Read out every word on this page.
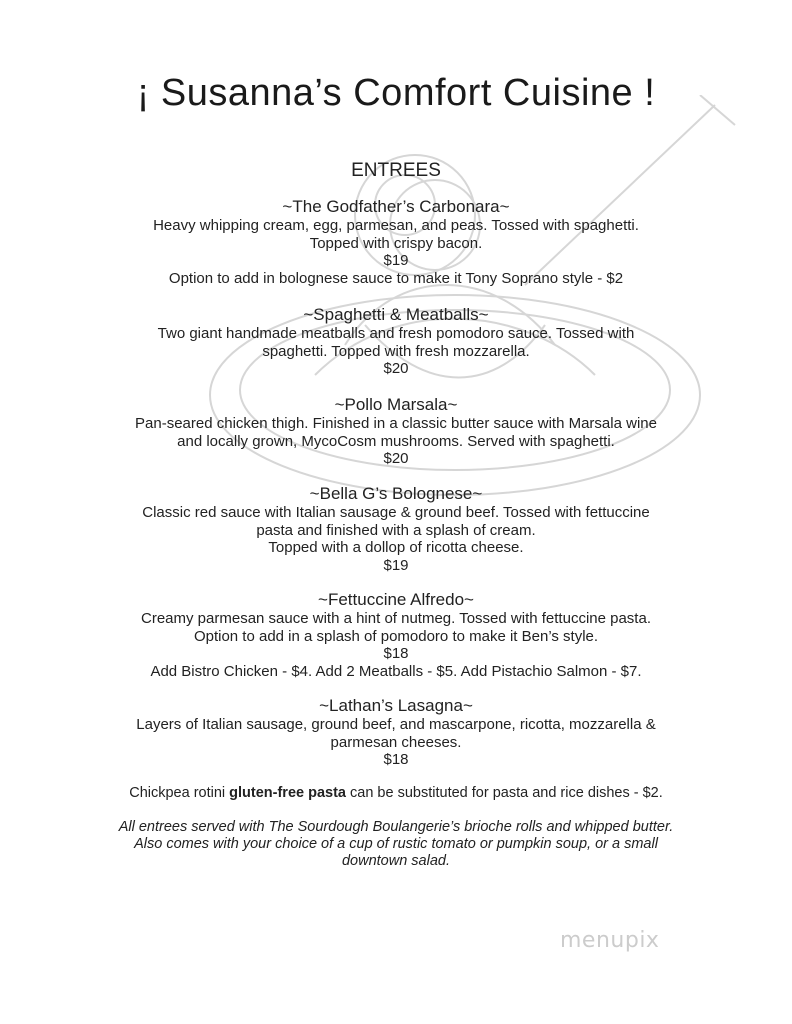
¡ Susanna’s Comfort Cuisine !
ENTREES
~The Godfather’s Carbonara~
Heavy whipping cream, egg, parmesan, and peas. Tossed with spaghetti.
Topped with crispy bacon.
$19
Option to add in bolognese sauce to make it Tony Soprano style - $2
~Spaghetti & Meatballs~
Two giant handmade meatballs and fresh pomodoro sauce. Tossed with
spaghetti. Topped with fresh mozzarella.
$20
~Pollo Marsala~
Pan-seared chicken thigh. Finished in a classic butter sauce with Marsala wine
and locally grown, MycoCosm mushrooms. Served with spaghetti.
$20
~Bella G’s Bolognese~
Classic red sauce with Italian sausage & ground beef. Tossed with fettuccine
pasta and finished with a splash of cream.
Topped with a dollop of ricotta cheese.
$19
~Fettuccine Alfredo~
Creamy parmesan sauce with a hint of nutmeg. Tossed with fettuccine pasta.
Option to add in a splash of pomodoro to make it Ben’s style.
$18
Add Bistro Chicken - $4. Add 2 Meatballs - $5. Add Pistachio Salmon - $7.
~Lathan’s Lasagna~
Layers of Italian sausage, ground beef, and mascarpone, ricotta, mozzarella &
parmesan cheeses.
$18
Chickpea rotini gluten-free pasta can be substituted for pasta and rice dishes - $2.
All entrees served with The Sourdough Boulangerie’s brioche rolls and whipped butter.
Also comes with your choice of a cup of rustic tomato or pumpkin soup, or a small
downtown salad.
menupix
